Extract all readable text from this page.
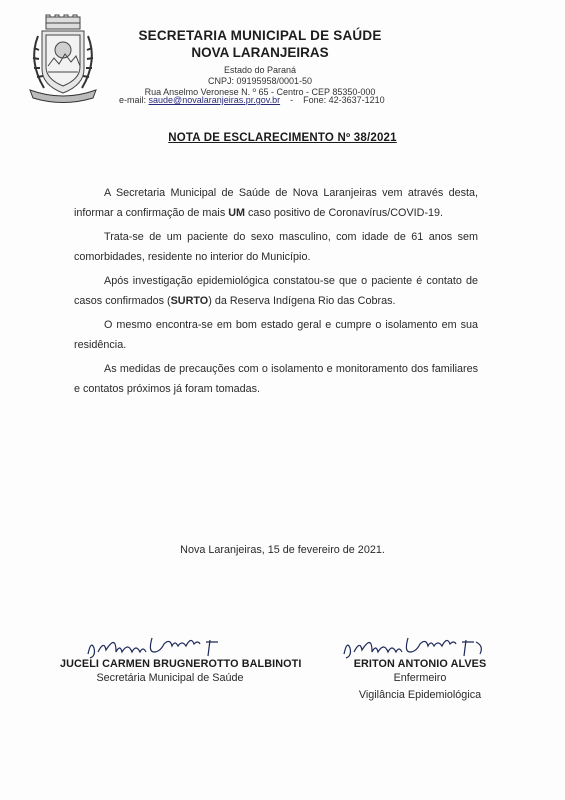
SECRETARIA MUNICIPAL DE SAÚDE
NOVA LARANJEIRAS
Estado do Paraná
CNPJ: 09195958/0001-50
Rua Anselmo Veronese N. º 65 - Centro - CEP 85350-000
e-mail: saude@novalaranjeiras.pr.gov.br - Fone: 42-3637-1210
NOTA DE ESCLARECIMENTO Nº 38/2021

A Secretaria Municipal de Saúde de Nova Laranjeiras vem através desta, informar a confirmação de mais UM caso positivo de Coronavírus/COVID-19.

Trata-se de um paciente do sexo masculino, com idade de 61 anos sem comorbidades, residente no interior do Município.

Após investigação epidemiológica constatou-se que o paciente é contato de casos confirmados (SURTO) da Reserva Indígena Rio das Cobras.

O mesmo encontra-se em bom estado geral e cumpre o isolamento em sua residência.

As medidas de precauções com o isolamento e monitoramento dos familiares e contatos próximos já foram tomadas.

Nova Laranjeiras, 15 de fevereiro de 2021.
JUCELI CARMEN BRUGNEROTTO BALBINOTI
Secretária Municipal de Saúde
ERITON ANTONIO ALVES
Enfermeiro
Vigilância Epidemiológica
